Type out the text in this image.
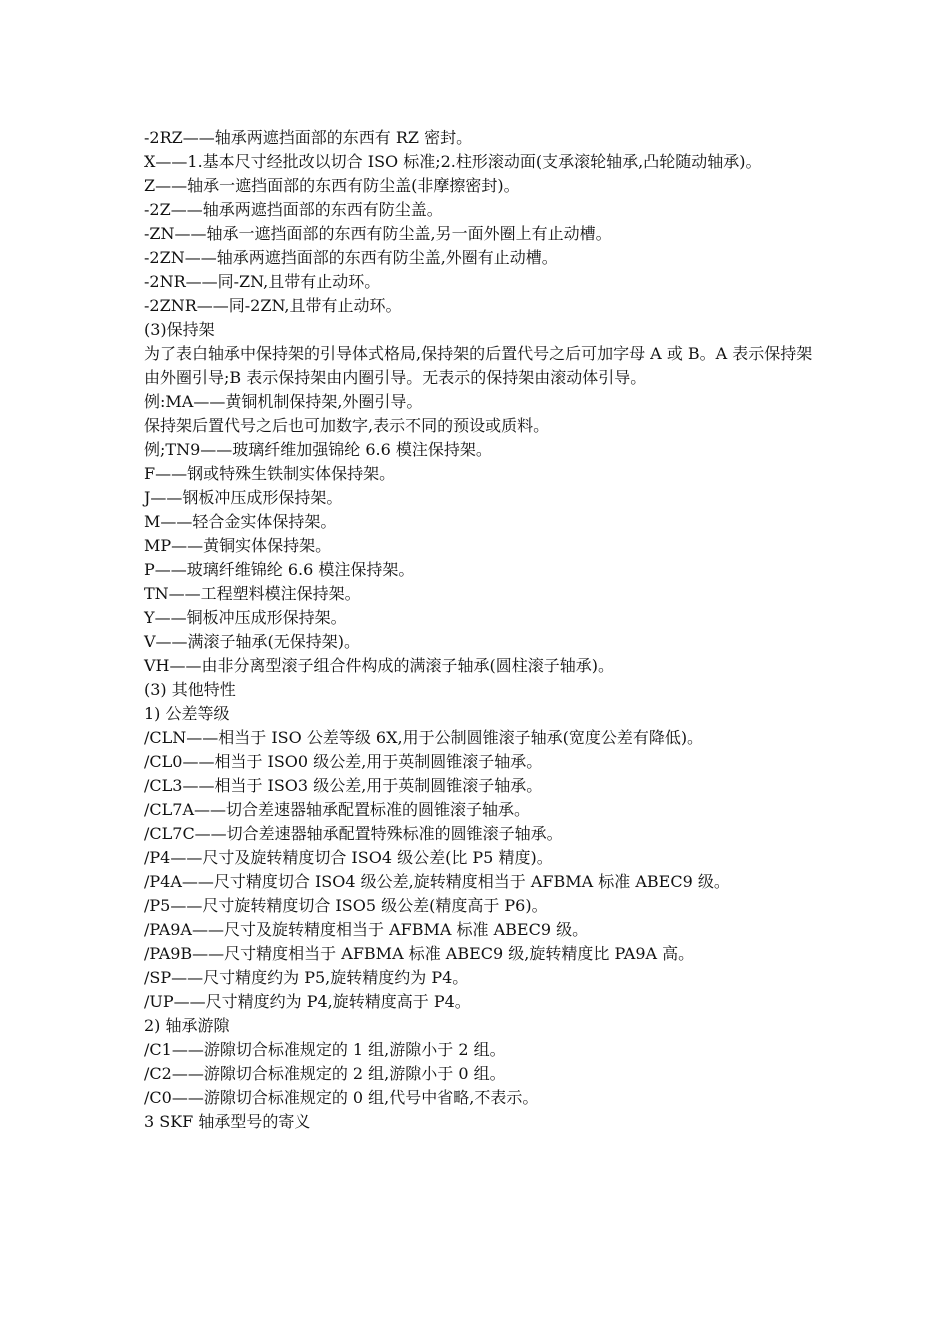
-2RZ——轴承两遮挡面部的东西有 RZ 密封。

X——1.基本尺寸经批改以切合 ISO 标准;2.柱形滚动面(支承滚轮轴承,凸轮随动轴承)。

Z——轴承一遮挡面部的东西有防尘盖(非摩擦密封)。

-2Z——轴承两遮挡面部的东西有防尘盖。

-ZN——轴承一遮挡面部的东西有防尘盖,另一面外圈上有止动槽。

-2ZN——轴承两遮挡面部的东西有防尘盖,外圈有止动槽。

-2NR——同-ZN,且带有止动环。

-2ZNR——同-2ZN,且带有止动环。

(3)保持架

为了表白轴承中保持架的引导体式格局,保持架的后置代号之后可加字母 A 或 B。A 表示保持架由外圈引导;B 表示保持架由内圈引导。无表示的保持架由滚动体引导。

例:MA——黄铜机制保持架,外圈引导。

保持架后置代号之后也可加数字,表示不同的预设或质料。

例;TN9——玻璃纤维加强锦纶 6.6 模注保持架。

F——钢或特殊生铁制实体保持架。

J——钢板冲压成形保持架。

M——轻合金实体保持架。

MP——黄铜实体保持架。

P——玻璃纤维锦纶 6.6 模注保持架。

TN——工程塑料模注保持架。

Y——铜板冲压成形保持架。

V——满滚子轴承(无保持架)。

VH——由非分离型滚子组合件构成的满滚子轴承(圆柱滚子轴承)。

(3) 其他特性

1) 公差等级

/CLN——相当于 ISO 公差等级 6X,用于公制圆锥滚子轴承(宽度公差有降低)。

/CL0——相当于 ISO0 级公差,用于英制圆锥滚子轴承。

/CL3——相当于 ISO3 级公差,用于英制圆锥滚子轴承。

/CL7A——切合差速器轴承配置标准的圆锥滚子轴承。

/CL7C——切合差速器轴承配置特殊标准的圆锥滚子轴承。

/P4——尺寸及旋转精度切合 ISO4 级公差(比 P5 精度)。

/P4A——尺寸精度切合 ISO4 级公差,旋转精度相当于 AFBMA 标准 ABEC9 级。

/P5——尺寸旋转精度切合 ISO5 级公差(精度高于 P6)。

/PA9A——尺寸及旋转精度相当于 AFBMA 标准 ABEC9 级。

/PA9B——尺寸精度相当于 AFBMA 标准 ABEC9 级,旋转精度比 PA9A 高。

/SP——尺寸精度约为 P5,旋转精度约为 P4。

/UP——尺寸精度约为 P4,旋转精度高于 P4。

2) 轴承游隙

/C1——游隙切合标准规定的 1 组,游隙小于 2 组。

/C2——游隙切合标准规定的 2 组,游隙小于 0 组。

/C0——游隙切合标准规定的 0 组,代号中省略,不表示。

3 SKF 轴承型号的寄义
